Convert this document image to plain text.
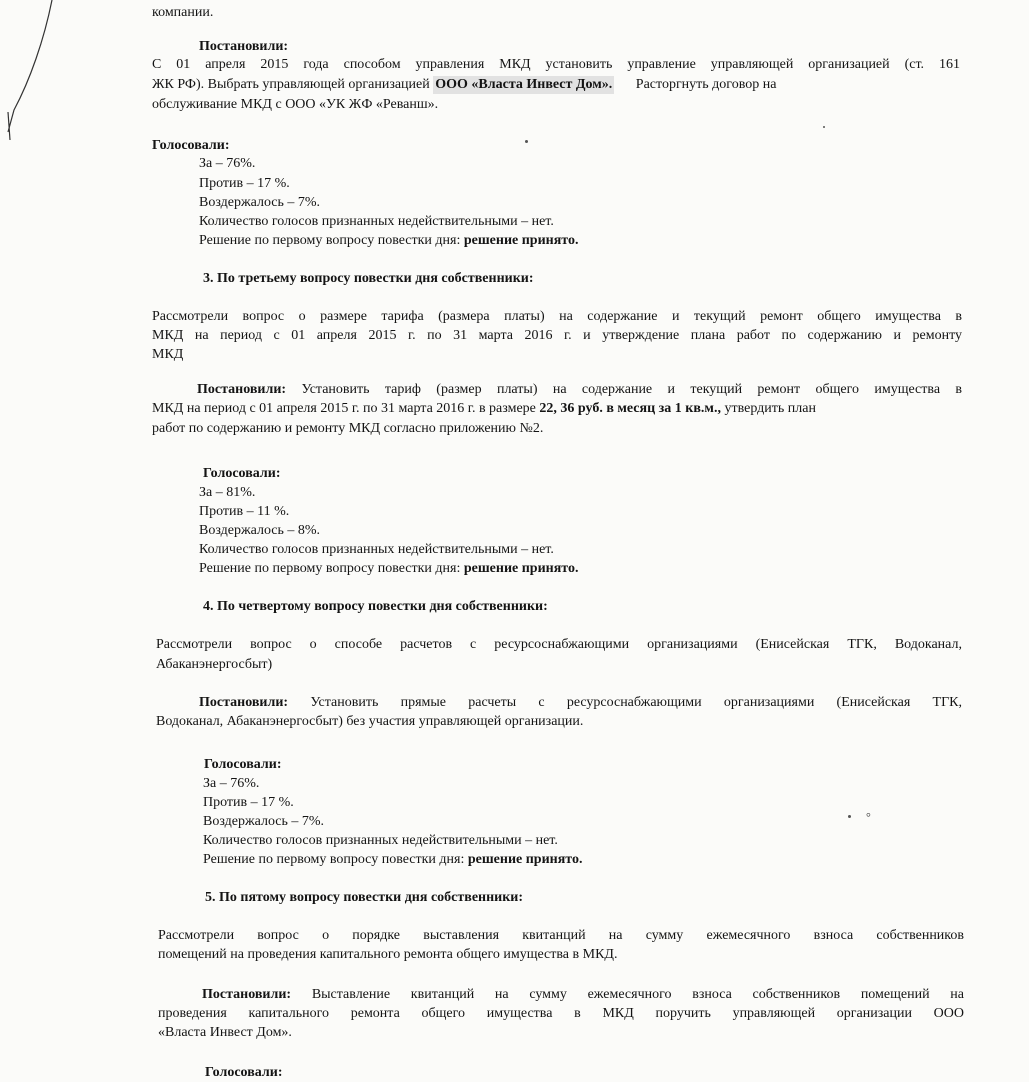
°
компании.
Постановили:
С 01 апреля 2015 года способом управления МКД установить управление управляющей организацией (ст. 161
ЖК РФ). Выбрать управляющей организацией ООО «Власта Инвест Дом». Расторгнуть договор на
обслуживание МКД с ООО «УК ЖФ «Реванш».
Голосовали:
За – 76%.
Против – 17 %.
Воздержалось – 7%.
Количество голосов признанных недействительными – нет.
Решение по первому вопросу повестки дня: решение принято.
3. По третьему вопросу повестки дня собственники:
Рассмотрели вопрос о размере тарифа (размера платы) на содержание и текущий ремонт общего имущества в
МКД на период с 01 апреля 2015 г. по 31 марта 2016 г. и утверждение плана работ по содержанию и ремонту
МКД
Постановили: Установить тариф (размер платы) на содержание и текущий ремонт общего имущества в
МКД на период с 01 апреля 2015 г. по 31 марта 2016 г. в размере 22, 36 руб. в месяц за 1 кв.м., утвердить план
работ по содержанию и ремонту МКД согласно приложению №2.
Голосовали:
За – 81%.
Против – 11 %.
Воздержалось – 8%.
Количество голосов признанных недействительными – нет.
Решение по первому вопросу повестки дня: решение принято.
4. По четвертому вопросу повестки дня собственники:
Рассмотрели вопрос о способе расчетов с ресурсоснабжающими организациями (Енисейская ТГК, Водоканал,
Абаканэнергосбыт)
Постановили: Установить прямые расчеты с ресурсоснабжающими организациями (Енисейская ТГК,
Водоканал, Абаканэнергосбыт) без участия управляющей организации.
Голосовали:
За – 76%.
Против – 17 %.
Воздержалось – 7%.
Количество голосов признанных недействительными – нет.
Решение по первому вопросу повестки дня: решение принято.
5. По пятому вопросу повестки дня собственники:
Рассмотрели вопрос о порядке выставления квитанций на сумму ежемесячного взноса собственников
помещений на проведения капитального ремонта общего имущества в МКД.
Постановили: Выставление квитанций на сумму ежемесячного взноса собственников помещений на
проведения капитального ремонта общего имущества в МКД поручить управляющей организации ООО
«Власта Инвест Дом».
Голосовали:
